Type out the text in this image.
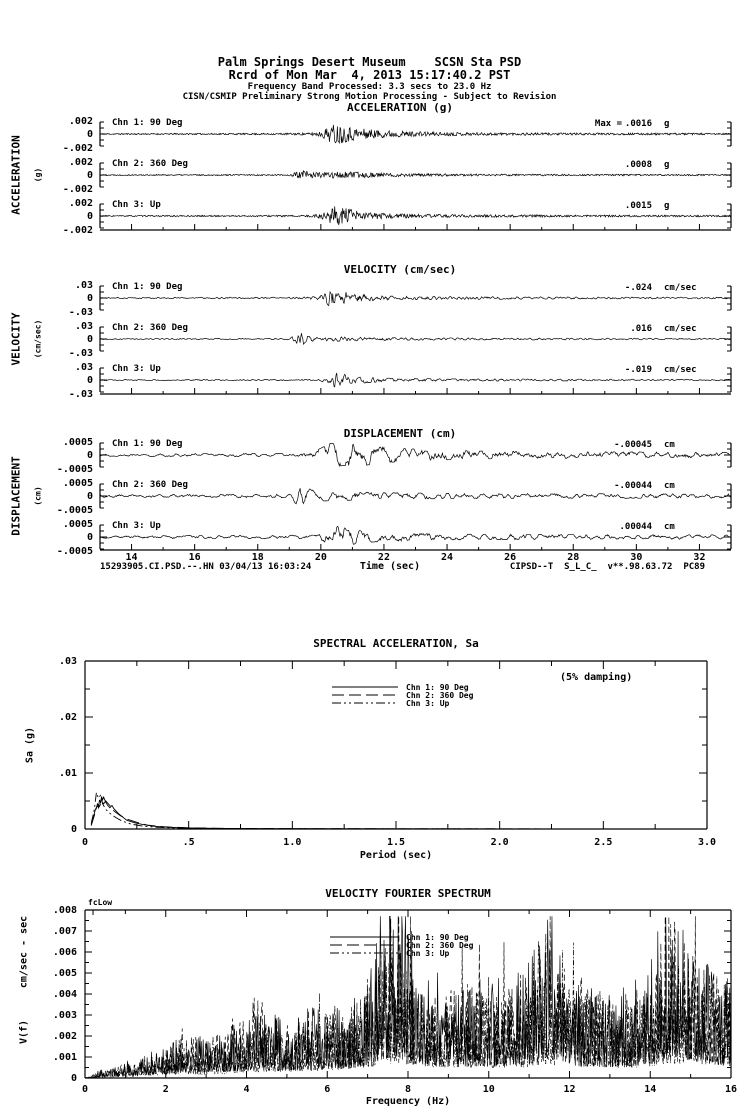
Palm Springs Desert Museum    SCSN Sta PSD
Rcrd of Mon Mar  4, 2013 15:17:40.2 PST
Frequency Band Processed: 3.3 secs to 23.0 Hz
CISN/CSMIP Preliminary Strong Motion Processing - Subject to Revision
ACCELERATION (g)
VELOCITY (cm/sec)
DISPLACEMENT (cm)
ACCELERATION (g)
VELOCITY (cm/sec)
DISPLACEMENT (cm)
.002
0
-.002
Chn 1: 90 Deg	Max = .0016 g
.002
0
-.002
Chn 2: 360 Deg	.0008 g
.002
0
-.002
Chn 3: Up	.0015 g
.03
0
-.03
Chn 1: 90 Deg	-.024 cm/sec
.03
0
-.03
Chn 2: 360 Deg	.016 cm/sec
.03
0
-.03
Chn 3: Up	-.019 cm/sec
.0005
0
-.0005
Chn 1: 90 Deg	-.00045 cm
.0005
0
-.0005
Chn 2: 360 Deg	-.00044 cm
.0005
0
-.0005
Chn 3: Up	.00044 cm
14	16	18	20	22	24	26	28	30	32
15293905.CI.PSD.--.HN 03/04/13 16:03:24	Time (sec)	CIPSD--T  S_L_C_  v**.98.63.72  PC89
SPECTRAL ACCELERATION, Sa
(5% damping)
Sa (g)
0
.01
.02
.03
0	.5	1.0	1.5	2.0	2.5	3.0
Chn 1: 90 Deg
Chn 2: 360 Deg
Chn 3: Up
Period (sec)
VELOCITY FOURIER SPECTRUM
fcLow
cm/sec - sec
V(f)
0
.001
.002
.003
.004
.005
.006
.007
.008
0	2	4	6	8	10	12	14	16
Chn 1: 90 Deg
Chn 2: 360 Deg
Chn 3: Up
Frequency (Hz)
